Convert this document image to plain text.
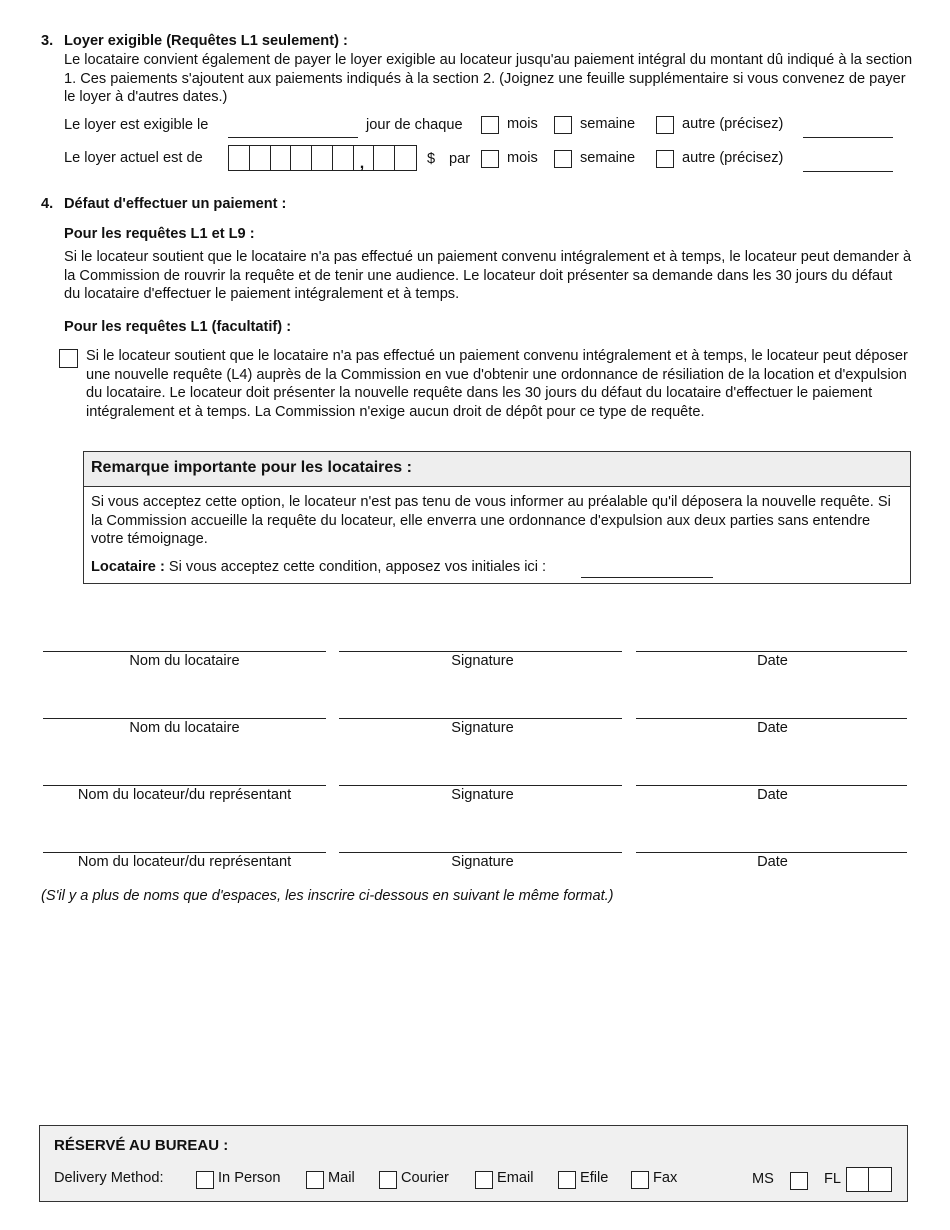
3. Loyer exigible (Requêtes L1 seulement) :
Le locataire convient également de payer le loyer exigible au locateur jusqu'au paiement intégral du montant dû indiqué à la section 1. Ces paiements s'ajoutent aux paiements indiqués à la section 2. (Joignez une feuille supplémentaire si vous convenez de payer le loyer à d'autres dates.)
Le loyer est exigible le	jour de chaque	mois	semaine	autre (précisez)
Le loyer actuel est de	,	$ par	mois	semaine	autre (précisez)
4. Défaut d'effectuer un paiement :
Pour les requêtes L1 et L9 :
Si le locateur soutient que le locataire n'a pas effectué un paiement convenu intégralement et à temps, le locateur peut demander à la Commission de rouvrir la requête et de tenir une audience. Le locateur doit présenter sa demande dans les 30 jours du défaut du locataire d'effectuer le paiement intégralement et à temps.
Pour les requêtes L1 (facultatif) :
Si le locateur soutient que le locataire n'a pas effectué un paiement convenu intégralement et à temps, le locateur peut déposer une nouvelle requête (L4) auprès de la Commission en vue d'obtenir une ordonnance de résiliation de la location et d'expulsion du locataire. Le locateur doit présenter la nouvelle requête dans les 30 jours du défaut du locataire d'effectuer le paiement intégralement et à temps. La Commission n'exige aucun droit de dépôt pour ce type de requête.
Remarque importante pour les locataires :
Si vous acceptez cette option, le locateur n'est pas tenu de vous informer au préalable qu'il déposera la nouvelle requête. Si la Commission accueille la requête du locateur, elle enverra une ordonnance d'expulsion aux deux parties sans entendre votre témoignage.
Locataire : Si vous acceptez cette condition, apposez vos initiales ici :
Nom du locataire	Signature	Date
Nom du locataire	Signature	Date
Nom du locateur/du représentant	Signature	Date
Nom du locateur/du représentant	Signature	Date
(S'il y a plus de noms que d'espaces, les inscrire ci-dessous en suivant le même format.)
RÉSERVÉ AU BUREAU :
Delivery Method:	In Person	Mail	Courier	Email	Efile	Fax	MS	FL
